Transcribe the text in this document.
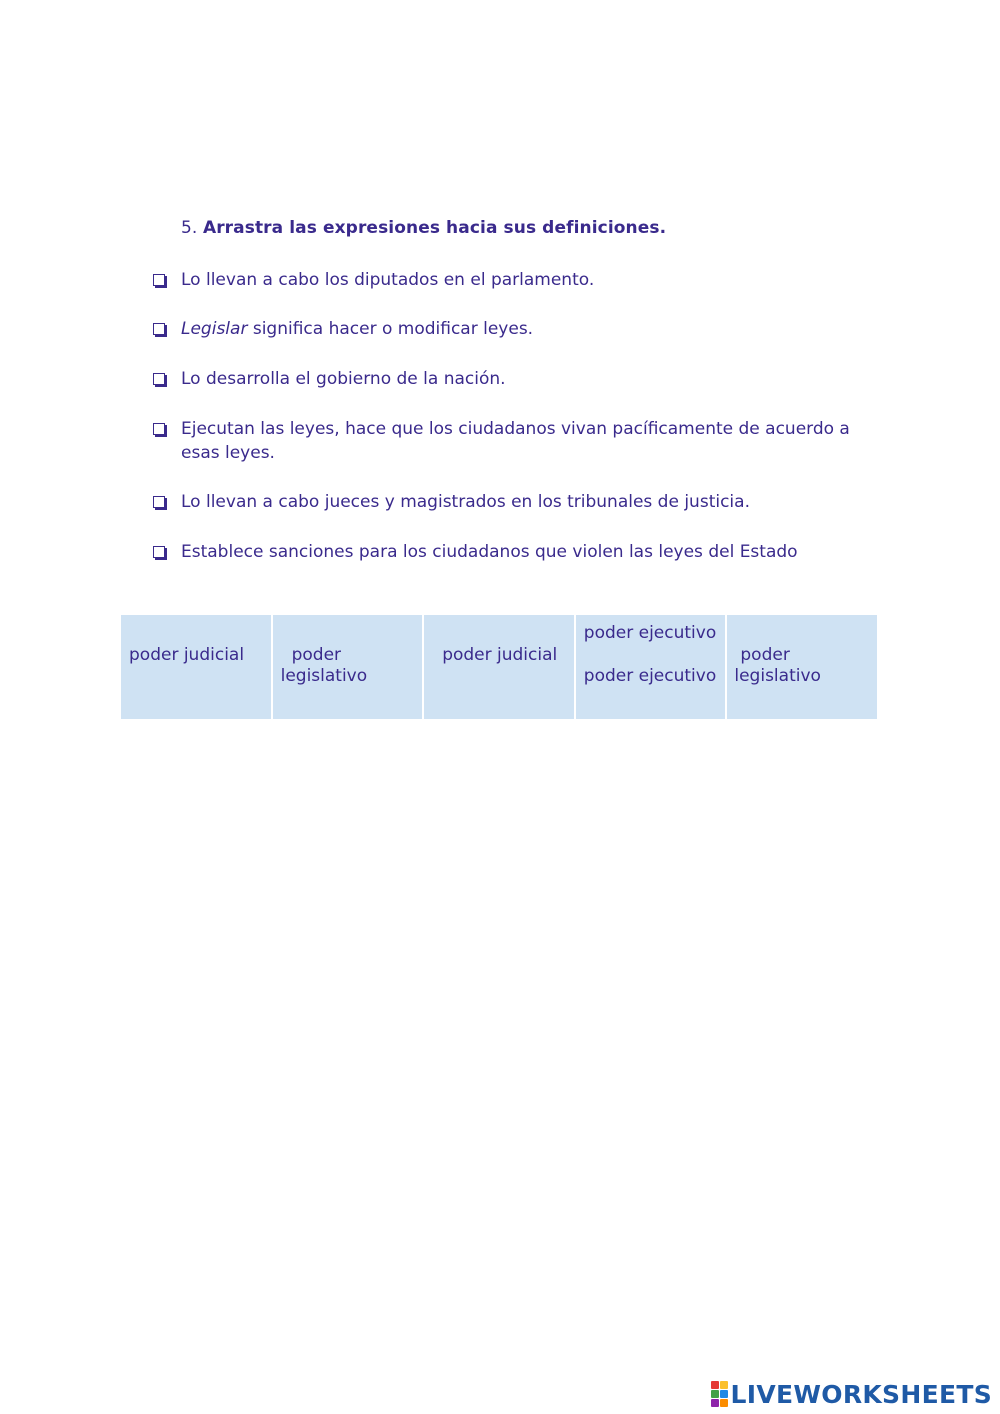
5. Arrastra las expresiones hacia sus definiciones.
Lo llevan a cabo los diputados en el parlamento.
Legislar significa hacer o modificar leyes.
Lo desarrolla el gobierno de la nación.
Ejecutan las leyes, hace que los ciudadanos vivan pacíficamente de acuerdo a esas leyes.
Lo llevan a cabo jueces y magistrados en los tribunales de justicia.
Establece sanciones para los ciudadanos que violen las leyes del Estado
poder judicial	poder
legislativo
poder judicial
poder ejecutivo
poder ejecutivo
poder
legislativo
LIVEWORKSHEETS
